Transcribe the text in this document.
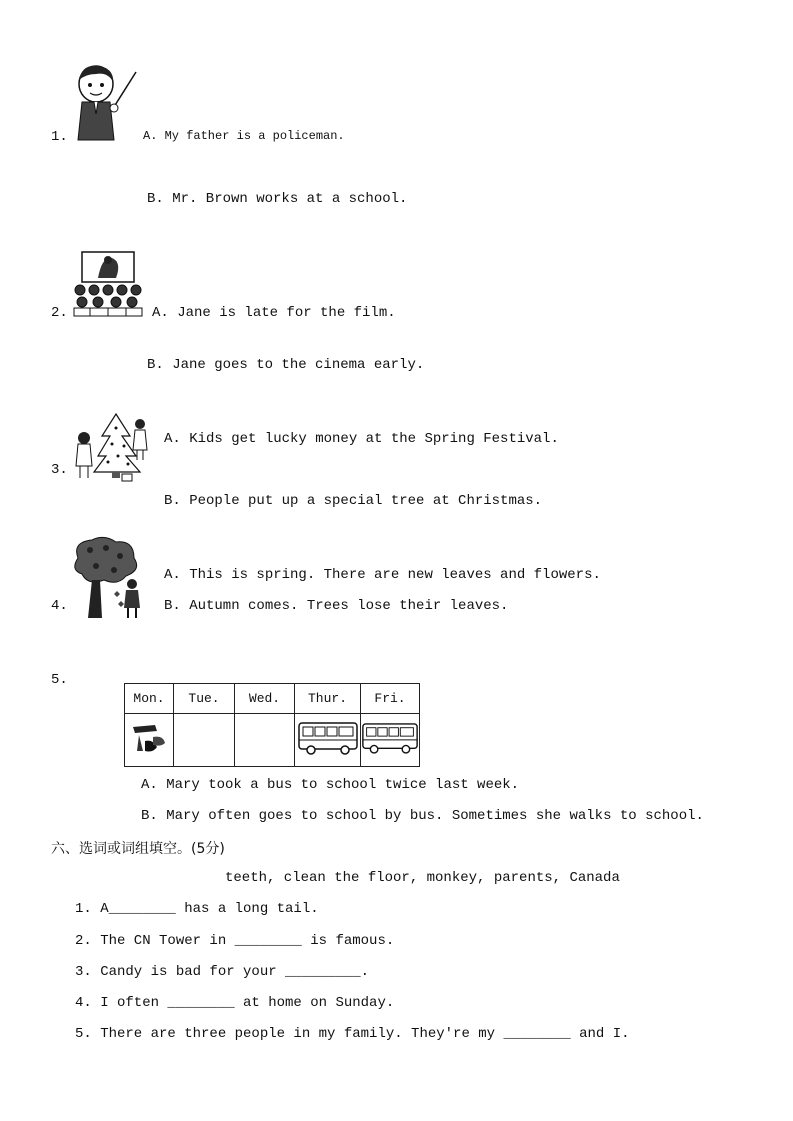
1.	A. My father is a policeman.
B. Mr. Brown works at a school.
2.	A. Jane is late for the film.
B. Jane goes to the cinema early.
3.
A. Kids get lucky money at the Spring Festival.
B. People put up a special tree at Christmas.
4.
A. This is spring. There are new leaves and flowers.
B. Autumn comes. Trees lose their leaves.
5.
Mon.	Tue.	Wed.	Thur.	Fri.

A. Mary took a bus to school twice last week.
B. Mary often goes to school by bus. Sometimes she walks to school.
六、选词或词组填空。(5分)
teeth, clean the floor, monkey, parents, Canada
1. A________ has a long tail.
2. The CN Tower in ________ is famous.
3. Candy is bad for your _________.
4. I often ________ at home on Sunday.
5. There are three people in my family. They're my ________ and I.
